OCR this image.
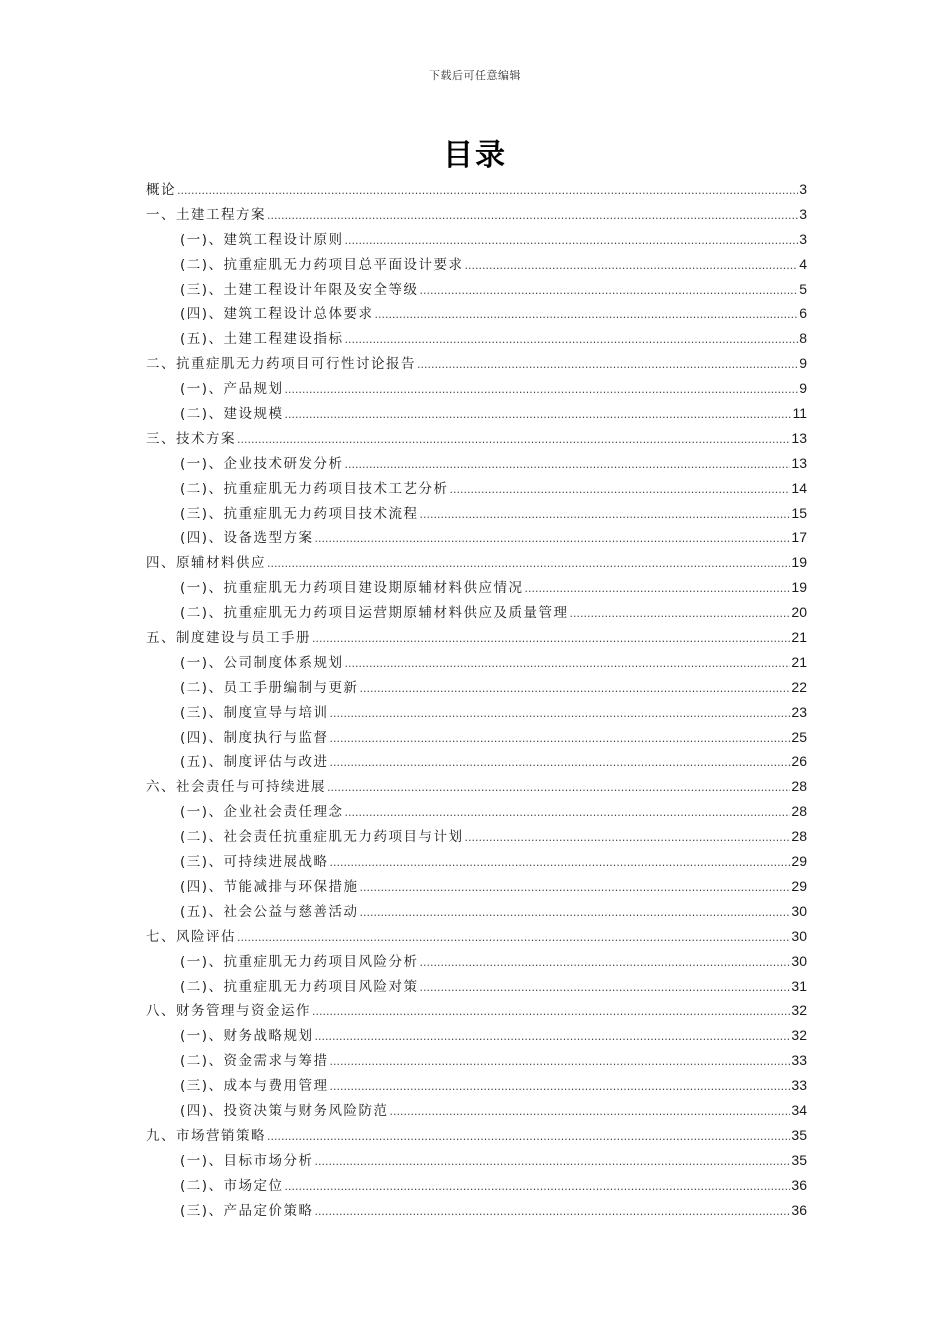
下载后可任意编辑
目录
概论 .....	3
一、土建工程方案 .....	3
(一)、建筑工程设计原则 .....	3
(二)、抗重症肌无力药项目总平面设计要求 .....	4
(三)、土建工程设计年限及安全等级 .....	5
(四)、建筑工程设计总体要求 .....	6
(五)、土建工程建设指标 .....	8
二、抗重症肌无力药项目可行性讨论报告 .....	9
(一)、产品规划 .....	9
(二)、建设规模 .....	11
三、技术方案 .....	13
(一)、企业技术研发分析 .....	13
(二)、抗重症肌无力药项目技术工艺分析 .....	14
(三)、抗重症肌无力药项目技术流程 .....	15
(四)、设备选型方案 .....	17
四、原辅材料供应 .....	19
(一)、抗重症肌无力药项目建设期原辅材料供应情况 .....	19
(二)、抗重症肌无力药项目运营期原辅材料供应及质量管理 .....	20
五、制度建设与员工手册 .....	21
(一)、公司制度体系规划 .....	21
(二)、员工手册编制与更新 .....	22
(三)、制度宣导与培训 .....	23
(四)、制度执行与监督 .....	25
(五)、制度评估与改进 .....	26
六、社会责任与可持续进展 .....	28
(一)、企业社会责任理念 .....	28
(二)、社会责任抗重症肌无力药项目与计划 .....	28
(三)、可持续进展战略 .....	29
(四)、节能减排与环保措施 .....	29
(五)、社会公益与慈善活动 .....	30
七、风险评估 .....	30
(一)、抗重症肌无力药项目风险分析 .....	30
(二)、抗重症肌无力药项目风险对策 .....	31
八、财务管理与资金运作 .....	32
(一)、财务战略规划 .....	32
(二)、资金需求与筹措 .....	33
(三)、成本与费用管理 .....	33
(四)、投资决策与财务风险防范 .....	34
九、市场营销策略 .....	35
(一)、目标市场分析 .....	35
(二)、市场定位 .....	36
(三)、产品定价策略 .....	36
